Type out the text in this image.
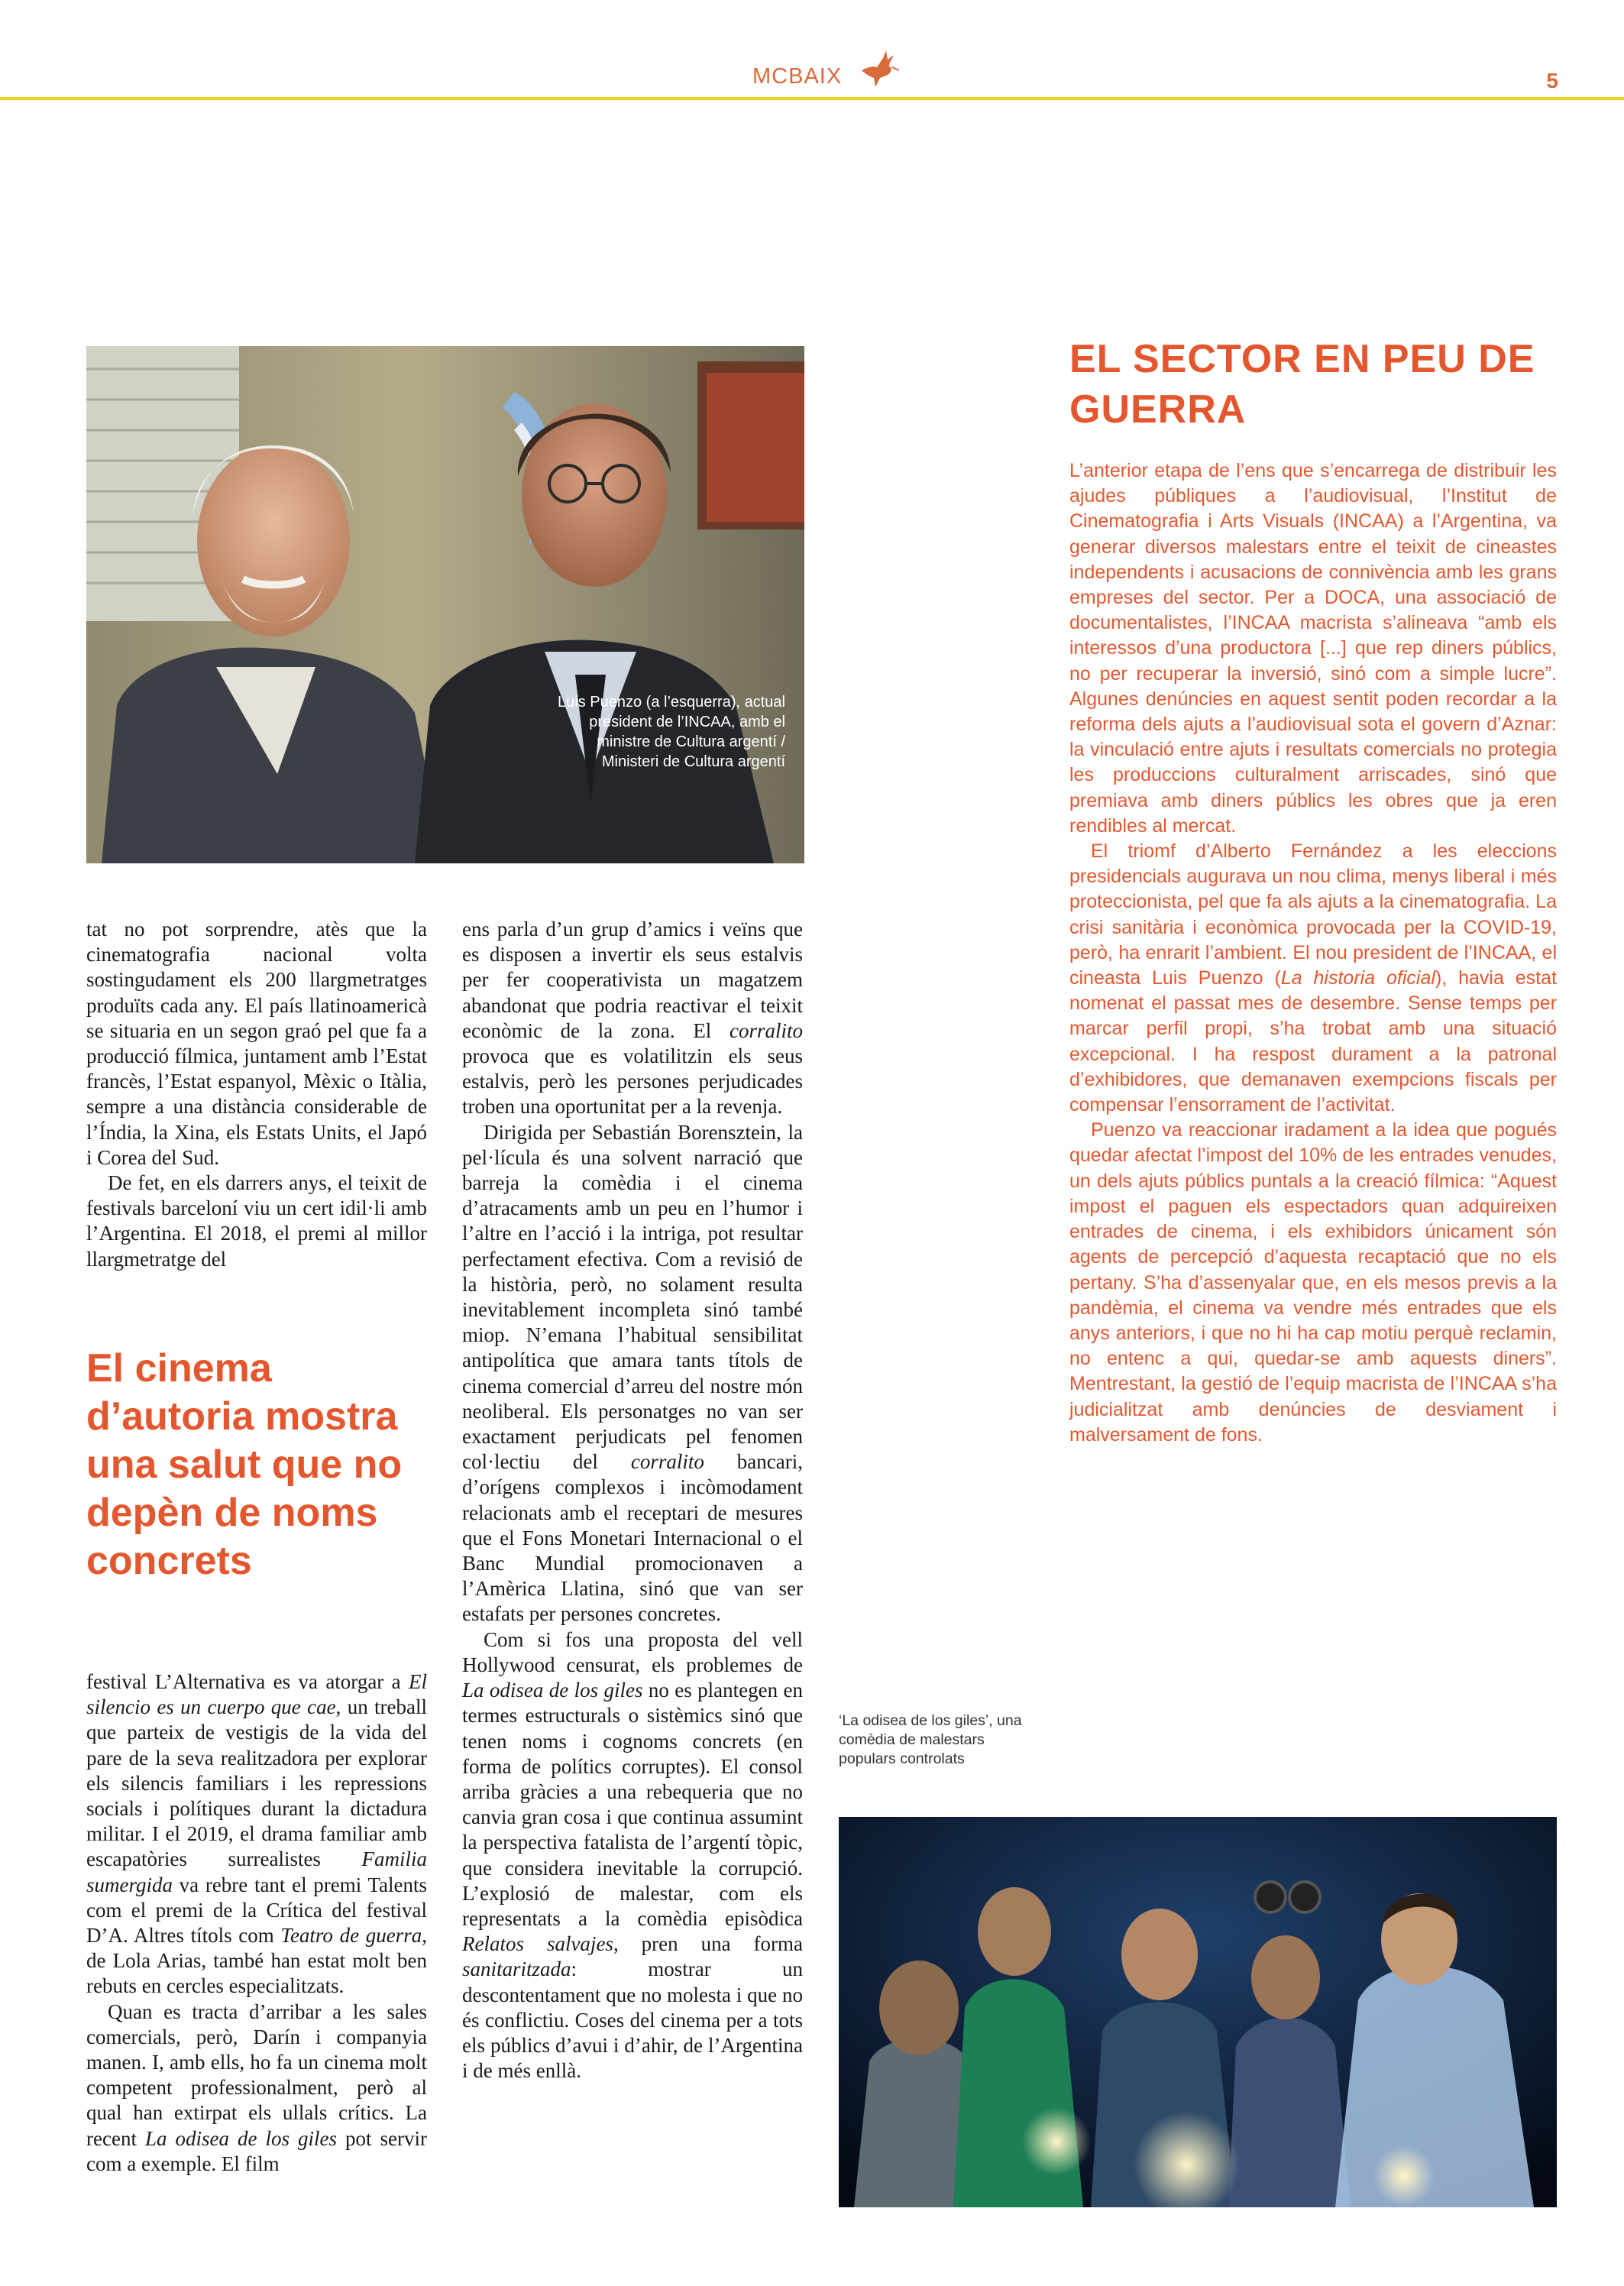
MCBAIX	5
Luis Puenzo (a l’esquerra), actual president de l’INCAA, amb el ministre de Cultura argentí / Ministeri de Cultura argentí

tat no pot sorprendre, atès que la cinematografia nacional volta sostingudament els 200 llargmetratges produïts cada any. El país llatinoamericà se situaria en un segon graó pel que fa a producció fílmica, juntament amb l’Estat francès, l’Estat espanyol, Mèxic o Itàlia, sempre a una distància considerable de l’Índia, la Xina, els Estats Units, el Japó i Corea del Sud.

De fet, en els darrers anys, el teixit de festivals barceloní viu un cert idil·li amb l’Argentina. El 2018, el premi al millor llargmetratge del

El cinema d’autoria mostra una salut que no depèn de noms concrets

festival L’Alternativa es va atorgar a El silencio es un cuerpo que cae, un treball que parteix de vestigis de la vida del pare de la seva realitzadora per explorar els silencis familiars i les repressions socials i polítiques durant la dictadura militar. I el 2019, el drama familiar amb escapatòries surrealistes Familia sumergida va rebre tant el premi Talents com el premi de la Crítica del festival D’A. Altres títols com Teatro de guerra, de Lola Arias, també han estat molt ben rebuts en cercles especialitzats.

Quan es tracta d’arribar a les sales comercials, però, Darín i companyia manen. I, amb ells, ho fa un cinema molt competent professionalment, però al qual han extirpat els ullals crítics. La recent La odisea de los giles pot servir com a exemple. El film

ens parla d’un grup d’amics i veïns que es disposen a invertir els seus estalvis per fer cooperativista un magatzem abandonat que podria reactivar el teixit econòmic de la zona. El corralito provoca que es volatilitzin els seus estalvis, però les persones perjudicades troben una oportunitat per a la revenja.

Dirigida per Sebastián Borensztein, la pel·lícula és una solvent narració que barreja la comèdia i el cinema d’atracaments amb un peu en l’humor i l’altre en l’acció i la intriga, pot resultar perfectament efectiva. Com a revisió de la història, però, no solament resulta inevitablement incompleta sinó també miop. N’emana l’habitual sensibilitat antipolítica que amara tants títols de cinema comercial d’arreu del nostre món neoliberal. Els personatges no van ser exactament perjudicats pel fenomen col·lectiu del corralito bancari, d’orígens complexos i incòmodament relacionats amb el receptari de mesures que el Fons Monetari Internacional o el Banc Mundial promocionaven a l’Amèrica Llatina, sinó que van ser estafats per persones concretes.

Com si fos una proposta del vell Hollywood censurat, els problemes de La odisea de los giles no es plantegen en termes estructurals o sistèmics sinó que tenen noms i cognoms concrets (en forma de polítics corruptes). El consol arriba gràcies a una rebequeria que no canvia gran cosa i que continua assumint la perspectiva fatalista de l’argentí tòpic, que considera inevitable la corrupció. L’explosió de malestar, com els representats a la comèdia episòdica Relatos salvajes, pren una forma sanitaritzada: mostrar un descontentament que no molesta i que no és conflictiu. Coses del cinema per a tots els públics d’avui i d’ahir, de l’Argentina i de més enllà.

EL SECTOR EN PEU DE GUERRA

L’anterior etapa de l’ens que s’encarrega de distribuir les ajudes públiques a l’audiovisual, l’Institut de Cinematografia i Arts Visuals (INCAA) a l’Argentina, va generar diversos malestars entre el teixit de cineastes independents i acusacions de connivència amb les grans empreses del sector. Per a DOCA, una associació de documentalistes, l’INCAA macrista s’alineava “amb els interessos d’una productora [...] que rep diners públics, no per recuperar la inversió, sinó com a simple lucre”. Algunes denúncies en aquest sentit poden recordar a la reforma dels ajuts a l’audiovisual sota el govern d’Aznar: la vinculació entre ajuts i resultats comercials no protegia les produccions culturalment arriscades, sinó que premiava amb diners públics les obres que ja eren rendibles al mercat.

El triomf d’Alberto Fernández a les eleccions presidencials augurava un nou clima, menys liberal i més proteccionista, pel que fa als ajuts a la cinematografia. La crisi sanitària i econòmica provocada per la COVID-19, però, ha enrarit l’ambient. El nou president de l’INCAA, el cineasta Luis Puenzo (La historia oficial), havia estat nomenat el passat mes de desembre. Sense temps per marcar perfil propi, s’ha trobat amb una situació excepcional. I ha respost durament a la patronal d’exhibidores, que demanaven exempcions fiscals per compensar l’ensorrament de l’activitat.

Puenzo va reaccionar iradament a la idea que pogués quedar afectat l’impost del 10% de les entrades venudes, un dels ajuts públics puntals a la creació fílmica: “Aquest impost el paguen els espectadors quan adquireixen entrades de cinema, i els exhibidors únicament són agents de percepció d’aquesta recaptació que no els pertany. S’ha d’assenyalar que, en els mesos previs a la pandèmia, el cinema va vendre més entrades que els anys anteriors, i que no hi ha cap motiu perquè reclamin, no entenc a qui, quedar-se amb aquests diners”. Mentrestant, la gestió de l’equip macrista de l’INCAA s’ha judicialitzat amb denúncies de desviament i malversament de fons.

‘La odisea de los giles’, una comèdia de malestars populars controlats
